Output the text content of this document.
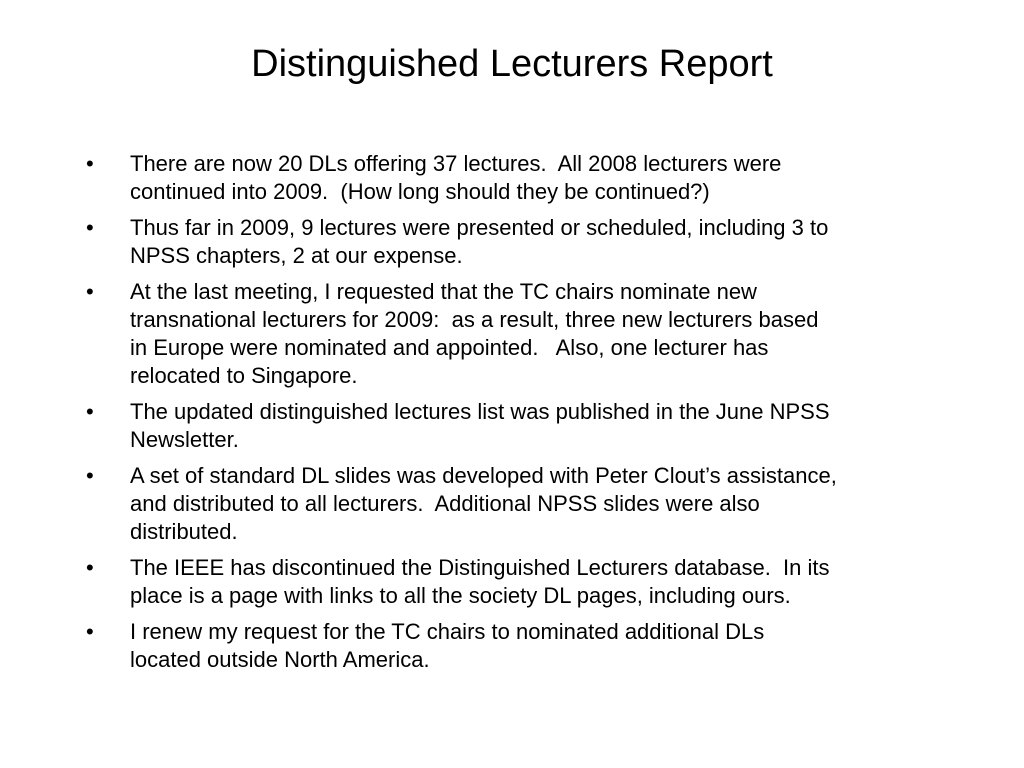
Distinguished Lecturers Report
•	There are now 20 DLs offering 37 lectures.  All 2008 lecturers were
continued into 2009.  (How long should they be continued?)
•	Thus far in 2009, 9 lectures were presented or scheduled, including 3 to
NPSS chapters, 2 at our expense.
•	At the last meeting, I requested that the TC chairs nominate new
transnational lecturers for 2009:  as a result, three new lecturers based
in Europe were nominated and appointed.   Also, one lecturer has
relocated to Singapore.
•	The updated distinguished lectures list was published in the June NPSS
Newsletter.
•	A set of standard DL slides was developed with Peter Clout’s assistance,
and distributed to all lecturers.  Additional NPSS slides were also
distributed.
•	The IEEE has discontinued the Distinguished Lecturers database.  In its
place is a page with links to all the society DL pages, including ours.
•	I renew my request for the TC chairs to nominated additional DLs
located outside North America.
